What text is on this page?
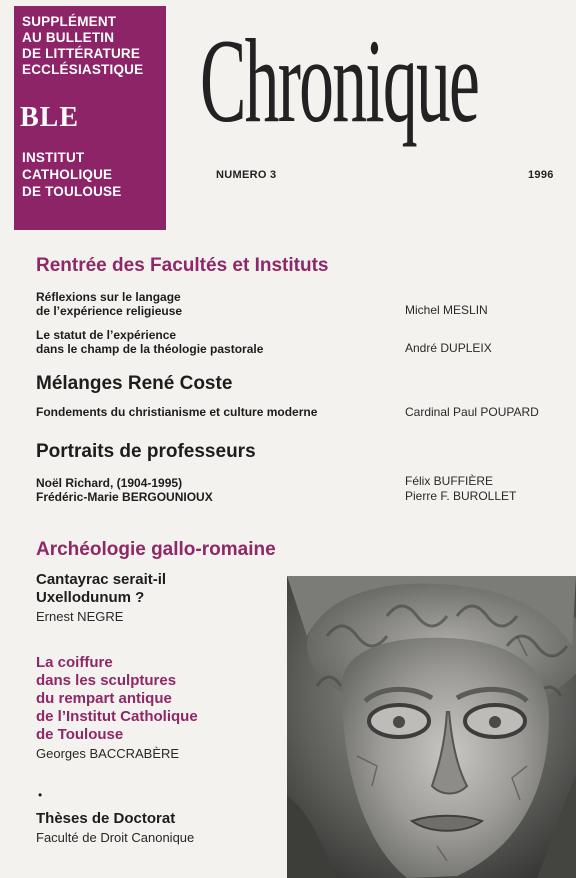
SUPPLÉMENT
AU BULLETIN
DE LITTÉRATURE
ECCLÉSIASTIQUE
BLE
INSTITUT
CATHOLIQUE
DE TOULOUSE
Chronique
NUMERO 3	1996
Rentrée des Facultés et Instituts
Réflexions sur le langage
de l’expérience religieuse	Michel MESLIN
Le statut de l’expérience
dans le champ de la théologie pastorale	André DUPLEIX
Mélanges René Coste
Fondements du christianisme et culture moderne	Cardinal Paul POUPARD
Portraits de professeurs
Noël Richard, (1904-1995)	Félix BUFFIÈRE
Frédéric-Marie BERGOUNIOUX	Pierre F. BUROLLET
Archéologie gallo-romaine
Cantayrac serait-il
Uxellodunum ?
Ernest NEGRE
La coiffure
dans les sculptures
du rempart antique
de l’Institut Catholique
de Toulouse
Georges BACCRABÈRE
•
Thèses de Doctorat
Faculté de Droit Canonique
